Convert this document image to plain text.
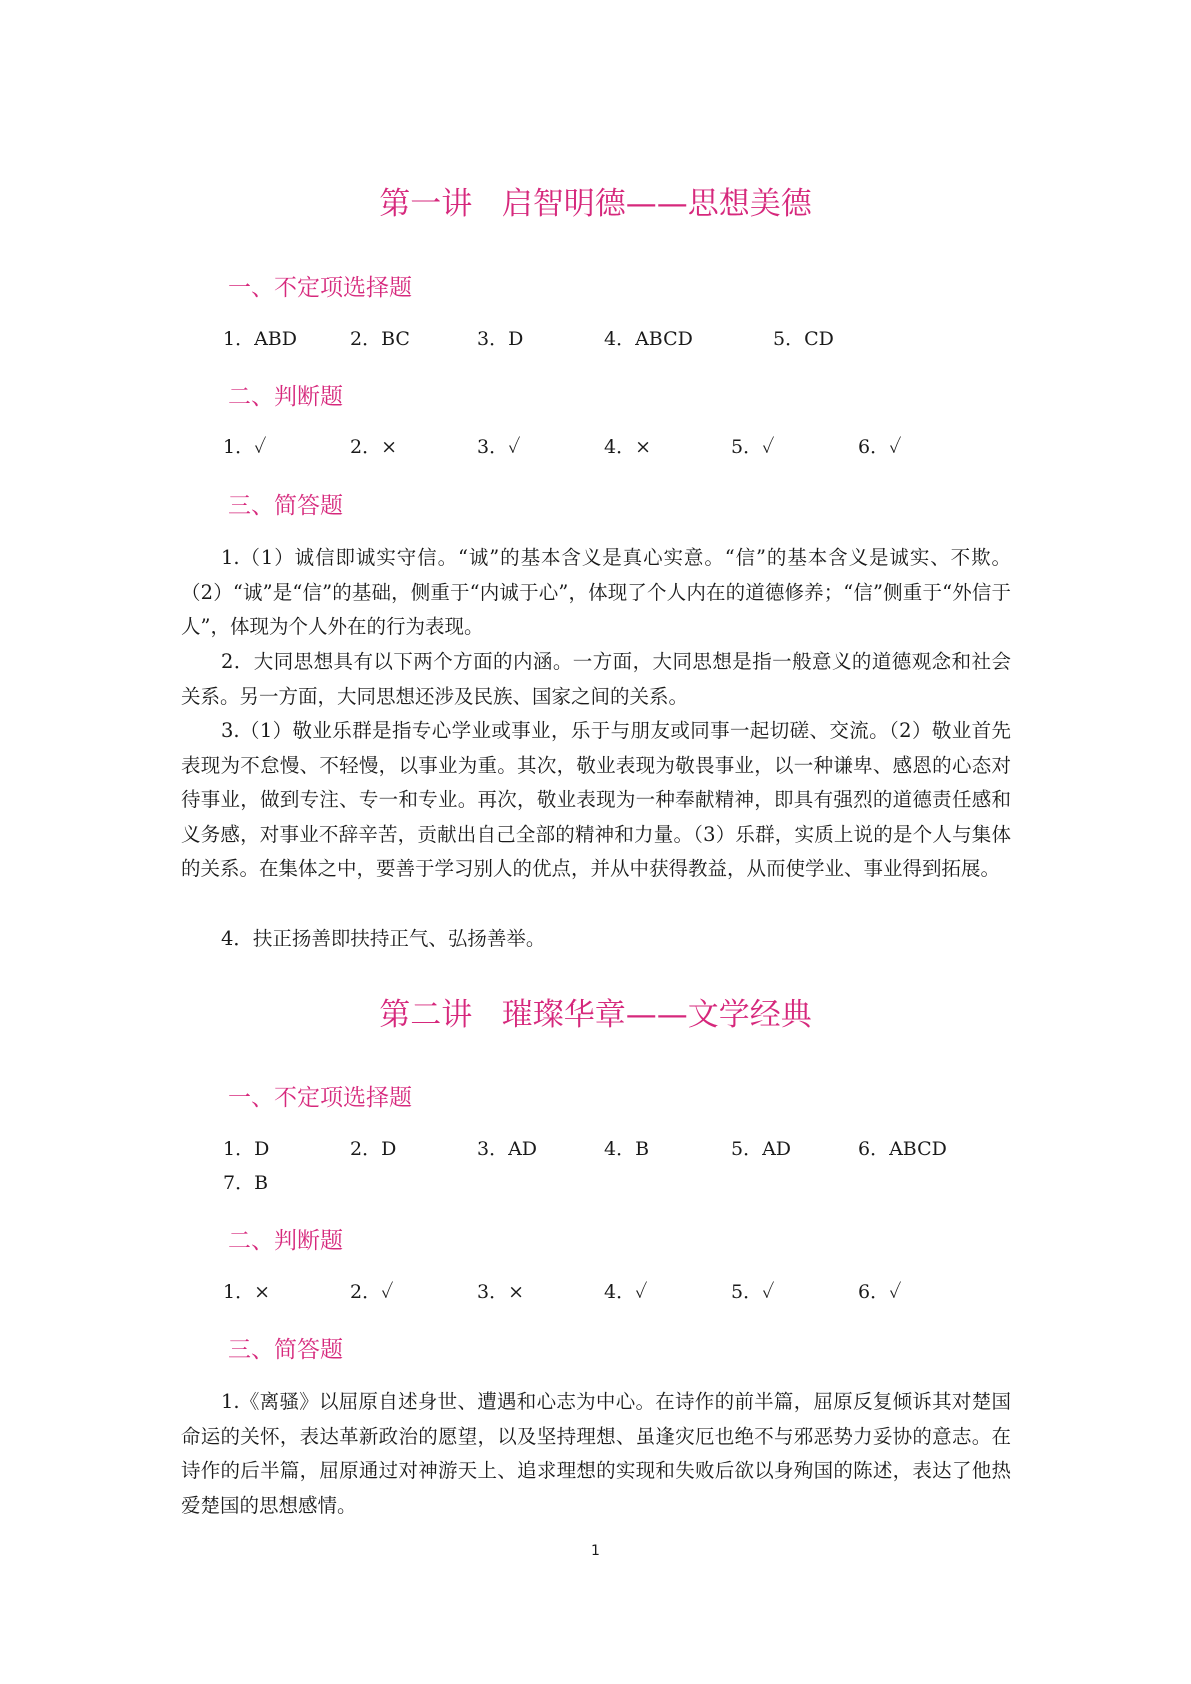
第一讲   启智明德——思想美德
一、不定项选择题
1．ABD	2．BC	3．D	4．ABCD	5．CD
二、判断题
1．✓	2．×	3．✓	4．×	5．✓	6．✓
三、简答题

1.（1）诚信即诚实守信。“诚”的基本含义是真心实意。“信”的基本含义是诚实、不欺。（2）“诚”是“信”的基础，侧重于“内诚于心”，体现了个人内在的道德修养；“信”侧重于“外信于人”，体现为个人外在的行为表现。

2．大同思想具有以下两个方面的内涵。一方面，大同思想是指一般意义的道德观念和社会关系。另一方面，大同思想还涉及民族、国家之间的关系。

3.（1）敬业乐群是指专心学业或事业，乐于与朋友或同事一起切磋、交流。（2）敬业首先表现为不怠慢、不轻慢，以事业为重。其次，敬业表现为敬畏事业，以一种谦卑、感恩的心态对待事业，做到专注、专一和专业。再次，敬业表现为一种奉献精神，即具有强烈的道德责任感和义务感，对事业不辞辛苦，贡献出自己全部的精神和力量。（3）乐群，实质上说的是个人与集体的关系。在集体之中，要善于学习别人的优点，并从中获得教益，从而使学业、事业得到拓展。

4．扶正扬善即扶持正气、弘扬善举。

第二讲   璀璨华章——文学经典
一、不定项选择题
1．D	2．D	3．AD	4．B	5．AD	6．ABCD
7．B
二、判断题
1．×	2．✓	3．×	4．✓	5．✓	6．✓
三、简答题

1.《离骚》以屈原自述身世、遭遇和心志为中心。在诗作的前半篇，屈原反复倾诉其对楚国命运的关怀，表达革新政治的愿望，以及坚持理想、虽逢灾厄也绝不与邪恶势力妥协的意志。在诗作的后半篇，屈原通过对神游天上、追求理想的实现和失败后欲以身殉国的陈述，表达了他热爱楚国的思想感情。

1
